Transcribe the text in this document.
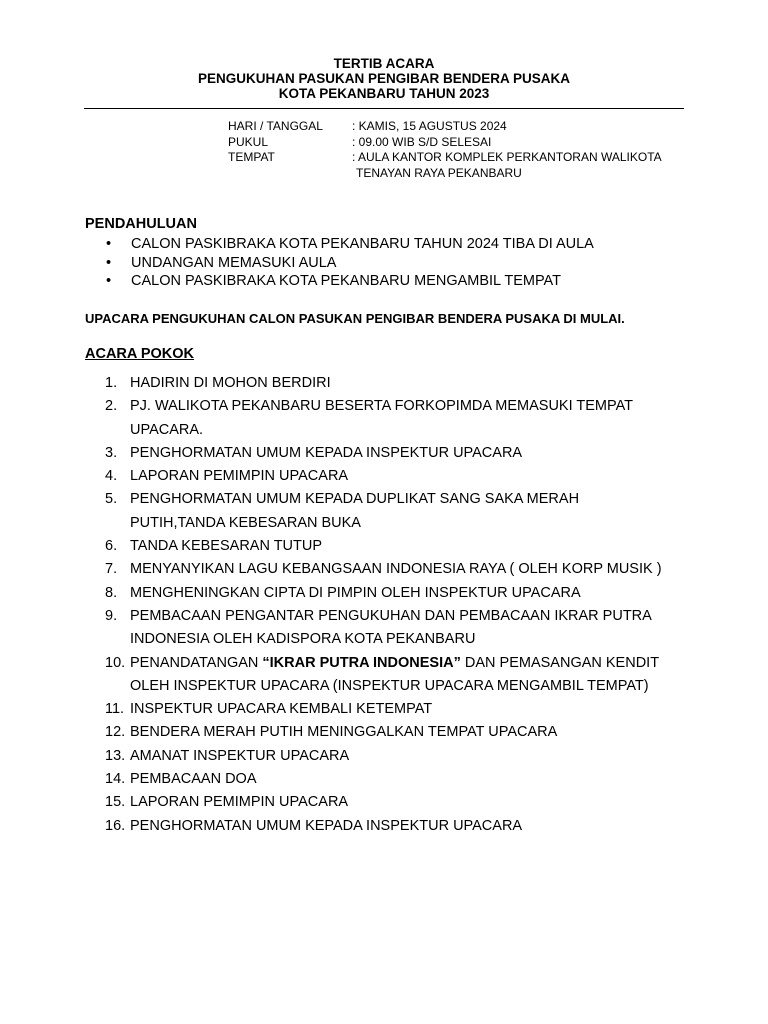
TERTIB ACARA
PENGUKUHAN PASUKAN PENGIBAR BENDERA PUSAKA
KOTA PEKANBARU TAHUN 2023
HARI / TANGGAL	: KAMIS, 15 AGUSTUS 2024
PUKUL	: 09.00 WIB S/D SELESAI
TEMPAT	: AULA KANTOR KOMPLEK PERKANTORAN WALIKOTA
TENAYAN RAYA PEKANBARU
PENDAHULUAN
• CALON PASKIBRAKA KOTA PEKANBARU TAHUN 2024 TIBA DI AULA
• UNDANGAN MEMASUKI AULA
• CALON PASKIBRAKA KOTA PEKANBARU MENGAMBIL TEMPAT
UPACARA PENGUKUHAN CALON PASUKAN PENGIBAR BENDERA PUSAKA DI MULAI.
ACARA POKOK
1. HADIRIN DI MOHON BERDIRI
2. PJ. WALIKOTA PEKANBARU BESERTA FORKOPIMDA MEMASUKI TEMPAT
UPACARA.
3. PENGHORMATAN UMUM KEPADA INSPEKTUR UPACARA
4. LAPORAN PEMIMPIN UPACARA
5. PENGHORMATAN UMUM KEPADA DUPLIKAT SANG SAKA MERAH
PUTIH,TANDA KEBESARAN BUKA
6. TANDA KEBESARAN TUTUP
7. MENYANYIKAN LAGU KEBANGSAAN INDONESIA RAYA ( OLEH KORP MUSIK )
8. MENGHENINGKAN CIPTA DI PIMPIN OLEH INSPEKTUR UPACARA
9. PEMBACAAN PENGANTAR PENGUKUHAN DAN PEMBACAAN IKRAR PUTRA
INDONESIA OLEH KADISPORA KOTA PEKANBARU
10. PENANDATANGAN “IKRAR PUTRA INDONESIA” DAN PEMASANGAN KENDIT
OLEH INSPEKTUR UPACARA (INSPEKTUR UPACARA MENGAMBIL TEMPAT)
11. INSPEKTUR UPACARA KEMBALI KETEMPAT
12. BENDERA MERAH PUTIH MENINGGALKAN TEMPAT UPACARA
13. AMANAT INSPEKTUR UPACARA
14. PEMBACAAN DOA
15. LAPORAN PEMIMPIN UPACARA
16. PENGHORMATAN UMUM KEPADA INSPEKTUR UPACARA
